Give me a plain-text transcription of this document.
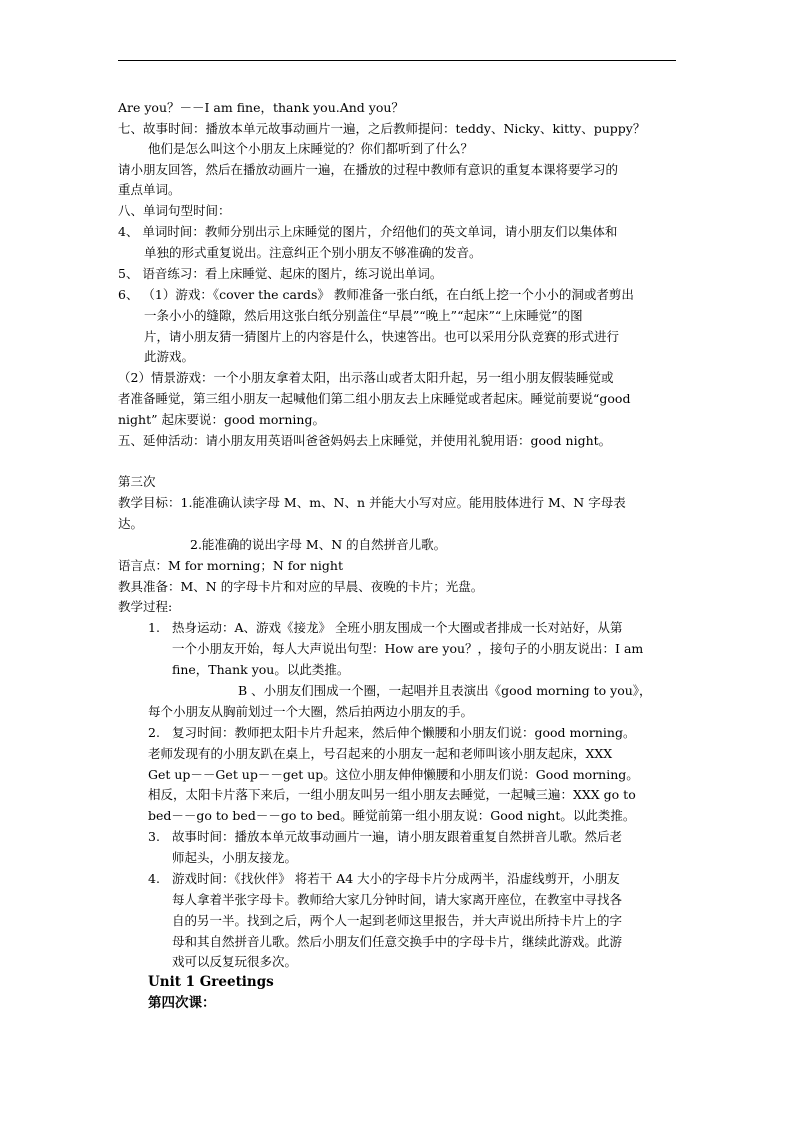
Are you？－－I am fine，thank you.And you？
七、故事时间：播放本单元故事动画片一遍，之后教师提问：teddy、Nicky、kitty、puppy？
他们是怎么叫这个小朋友上床睡觉的？你们都听到了什么？
请小朋友回答，然后在播放动画片一遍，在播放的过程中教师有意识的重复本课将要学习的
重点单词。
八、单词句型时间：
4、 单词时间：教师分别出示上床睡觉的图片，介绍他们的英文单词，请小朋友们以集体和
单独的形式重复说出。注意纠正个别小朋友不够准确的发音。
5、 语音练习：看上床睡觉、起床的图片，练习说出单词。
6、 （1）游戏：《cover the cards》 教师准备一张白纸，在白纸上挖一个小小的洞或者剪出
一条小小的缝隙，然后用这张白纸分别盖住“早晨”“晚上”“起床”“上床睡觉”的图
片，请小朋友猜一猜图片上的内容是什么，快速答出。也可以采用分队竞赛的形式进行
此游戏。
（2）情景游戏：一个小朋友拿着太阳，出示落山或者太阳升起，另一组小朋友假装睡觉或
者准备睡觉，第三组小朋友一起喊他们第二组小朋友去上床睡觉或者起床。睡觉前要说“good
night” 起床要说：good morning。
五、延伸活动：请小朋友用英语叫爸爸妈妈去上床睡觉，并使用礼貌用语：good night。
第三次
教学目标：1.能准确认读字母 M、m、N、n 并能大小写对应。能用肢体进行 M、N 字母表
达。
2.能准确的说出字母 M、N 的自然拼音儿歌。
语言点：M for morning；N for night
教具准备：M、N 的字母卡片和对应的早晨、夜晚的卡片；光盘。
教学过程:
1. 热身运动：A、游戏《接龙》 全班小朋友围成一个大圈或者排成一长对站好，从第
一个小朋友开始，每人大声说出句型：How are you？，接句子的小朋友说出：I am
fine，Thank you。以此类推。
B 、小朋友们围成一个圈，一起唱并且表演出《good morning to you》，
每个小朋友从胸前划过一个大圈，然后拍两边小朋友的手。
2. 复习时间：教师把太阳卡片升起来，然后伸个懒腰和小朋友们说：good morning。
老师发现有的小朋友趴在桌上，号召起来的小朋友一起和老师叫该小朋友起床，XXX
Get up－－Get up－－get up。这位小朋友伸伸懒腰和小朋友们说：Good morning。
相反，太阳卡片落下来后，一组小朋友叫另一组小朋友去睡觉，一起喊三遍：XXX go to
bed－－go to bed－－go to bed。睡觉前第一组小朋友说：Good night。以此类推。
3. 故事时间：播放本单元故事动画片一遍，请小朋友跟着重复自然拼音儿歌。然后老
师起头，小朋友接龙。
4. 游戏时间：《找伙伴》 将若干 A4 大小的字母卡片分成两半，沿虚线剪开，小朋友
每人拿着半张字母卡。教师给大家几分钟时间，请大家离开座位，在教室中寻找各
自的另一半。找到之后，两个人一起到老师这里报告，并大声说出所持卡片上的字
母和其自然拼音儿歌。然后小朋友们任意交换手中的字母卡片，继续此游戏。此游
戏可以反复玩很多次。
Unit 1 Greetings
第四次课：
